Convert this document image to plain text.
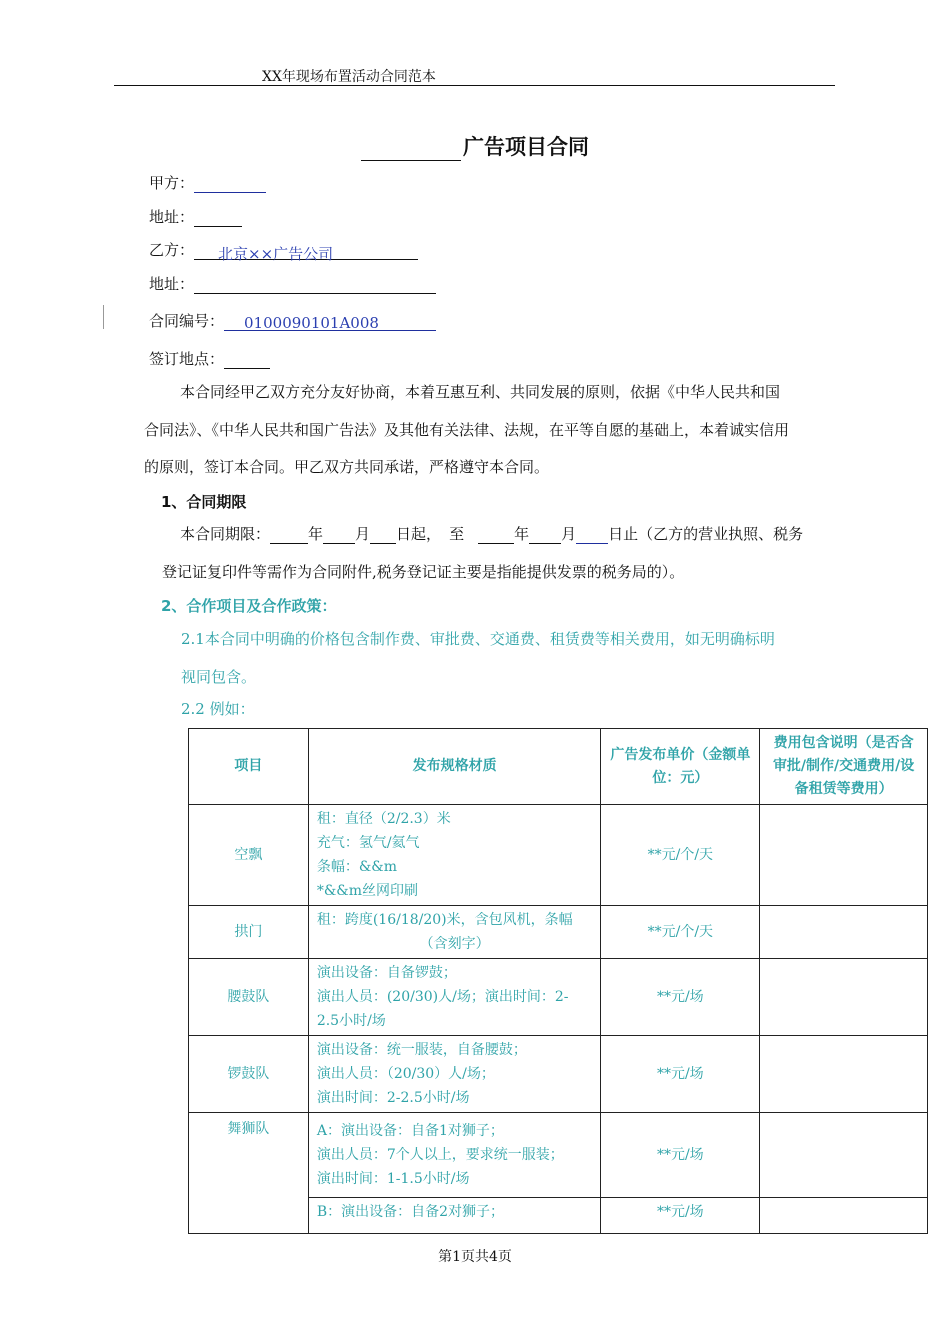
XX年现场布置活动合同范本
广告项目合同
甲方：
地址：
乙方： 北京××广告公司
地址：
合同编号： 0100090101A008
签订地点：
本合同经甲乙双方充分友好协商，本着互惠互利、共同发展的原则，依据《中华人民共和国
合同法》、《中华人民共和国广告法》及其他有关法律、法规，在平等自愿的基础上，本着诚实信用
的原则，签订本合同。甲乙双方共同承诺，严格遵守本合同。
1、合同期限
本合同期限：	年 月 日起， 至	年 月 日止（乙方的营业执照、税务
登记证复印件等需作为合同附件,税务登记证主要是指能提供发票的税务局的）。
2、合作项目及合作政策：
2.1本合同中明确的价格包含制作费、审批费、交通费、租赁费等相关费用，如无明确标明
视同包含。
2.2 例如：
项目	发布规格材质	广告发布单价（金额单位：元）	费用包含说明（是否含审批/制作/交通费用/设备租赁等费用）
空飘	租：直径（2/2.3）米
充气：氢气/氦气
条幅：&&m
*&&m丝网印刷	**元/个/天	
拱门	租：跨度(16/18/20)米，含包风机，条幅
（含刻字）	**元/个/天	
腰鼓队	演出设备：自备锣鼓；
演出人员：(20/30)人/场；演出时间：2-
2.5小时/场	**元/场	
锣鼓队	演出设备：统一服装，自备腰鼓；
演出人员：（20/30）人/场；
演出时间：2-2.5小时/场	**元/场	
舞狮队	A：演出设备：自备1对狮子；
演出人员：7个人以上，要求统一服装；
演出时间：1-1.5小时/场	**元/场	

	B：演出设备：自备2对狮子；	**元/场	
第1页共4页
